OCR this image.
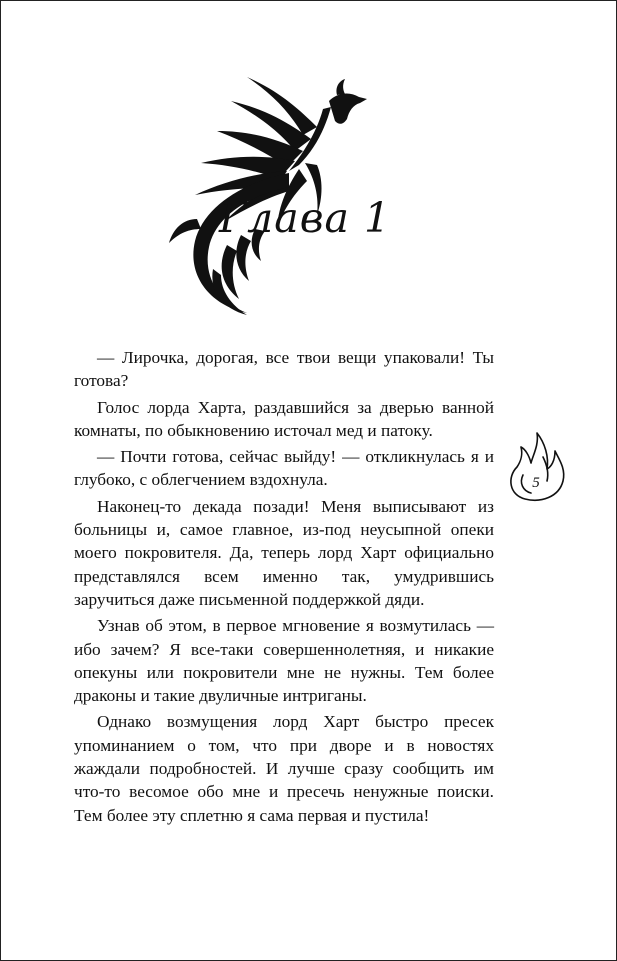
Глава 1
5

— Лирочка, дорогая, все твои вещи упаковали! Ты готова?

Голос лорда Харта, раздавшийся за дверью ванной комнаты, по обыкновению источал мед и патоку.

— Почти готова, сейчас выйду! — откликнулась я и глубоко, с облегчением вздохнула.

Наконец-то декада позади! Меня выписывают из больницы и, самое главное, из-под неусыпной опеки моего покровителя. Да, теперь лорд Харт официально представлялся всем именно так, умудрившись заручиться даже письменной поддержкой дяди.

Узнав об этом, в первое мгновение я возмутилась — ибо зачем? Я все-таки совершеннолетняя, и никакие опекуны или покровители мне не нужны. Тем более драконы и такие двуличные интриганы.

Однако возмущения лорд Харт быстро пресек упоминанием о том, что при дворе и в новостях жаждали подробностей. И лучше сразу сообщить им что-то весомое обо мне и пресечь ненужные поиски. Тем более эту сплетню я сама первая и пустила!
